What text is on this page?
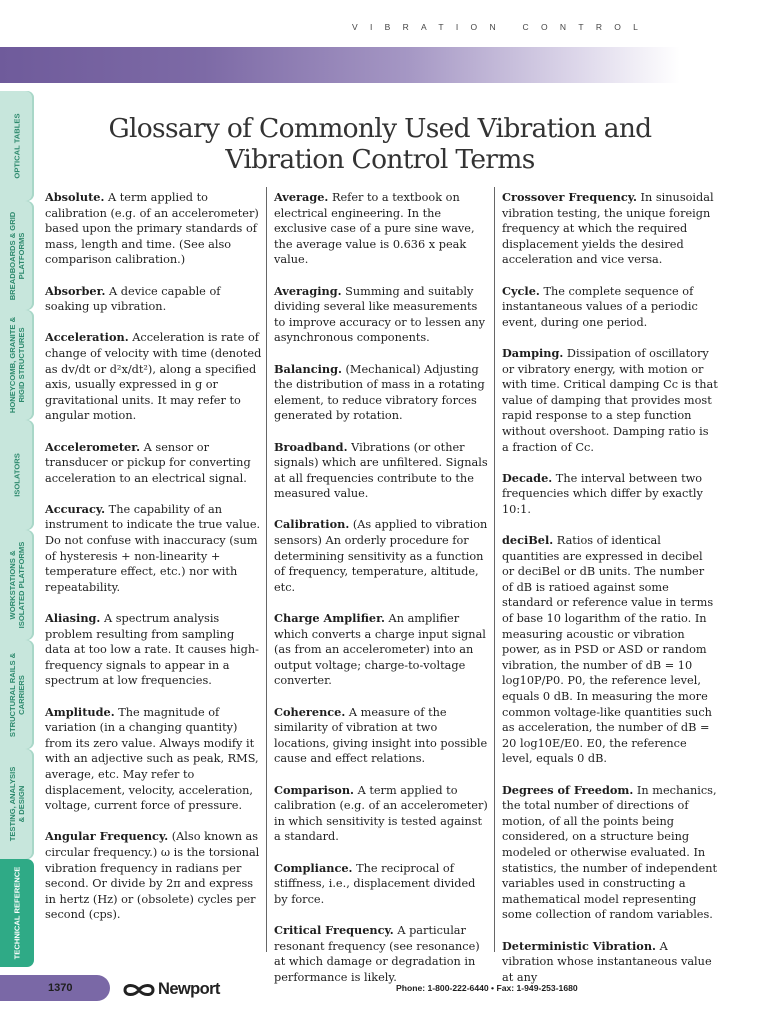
VIBRATION CONTROL
OPTICAL TABLES
BREADBOARDS & GRID
PLATFORMS
HONEYCOMB, GRANITE &
RIGID STRUCTURES
ISOLATORS
WORKSTATIONS &
ISOLATED PLATFORMS
STRUCTURAL RAILS &
CARRIERS
TESTING, ANALYSIS
& DESIGN
TECHNICAL REFERENCE
Glossary of Commonly Used Vibration and
Vibration Control Terms

Absolute. A term applied to calibration (e.g. of an accelerometer) based upon the primary standards of mass, length and time. (See also comparison calibration.)

Absorber. A device capable of soaking up vibration.

Acceleration. Acceleration is rate of change of velocity with time (denoted as dv/dt or d²x/dt²), along a specified axis, usually expressed in g or gravitational units. It may refer to angular motion.

Accelerometer. A sensor or transducer or pickup for converting acceleration to an electrical signal.

Accuracy. The capability of an instrument to indicate the true value. Do not confuse with inaccuracy (sum of hysteresis + non-linearity + temperature effect, etc.) nor with repeatability.

Aliasing. A spectrum analysis problem resulting from sampling data at too low a rate. It causes high-frequency signals to appear in a spectrum at low frequencies.

Amplitude. The magnitude of variation (in a changing quantity) from its zero value. Always modify it with an adjective such as peak, RMS, average, etc. May refer to displacement, velocity, acceleration, voltage, current force of pressure.

Angular Frequency. (Also known as circular frequency.) ω is the torsional vibration frequency in radians per second. Or divide by 2π and express in hertz (Hz) or (obsolete) cycles per second (cps).

Average. Refer to a textbook on electrical engineering. In the exclusive case of a pure sine wave, the average value is 0.636 x peak value.

Averaging. Summing and suitably dividing several like measurements to improve accuracy or to lessen any asynchronous components.

Balancing. (Mechanical) Adjusting the distribution of mass in a rotating element, to reduce vibratory forces generated by rotation.

Broadband. Vibrations (or other signals) which are unfiltered. Signals at all frequencies contribute to the measured value.

Calibration. (As applied to vibration sensors) An orderly procedure for determining sensitivity as a function of frequency, temperature, altitude, etc.

Charge Amplifier. An amplifier which converts a charge input signal (as from an accelerometer) into an output voltage; charge-to-voltage converter.

Coherence. A measure of the similarity of vibration at two locations, giving insight into possible cause and effect relations.

Comparison. A term applied to calibration (e.g. of an accelerometer) in which sensitivity is tested against a standard.

Compliance. The reciprocal of stiffness, i.e., displacement divided by force.

Critical Frequency. A particular resonant frequency (see resonance) at which damage or degradation in performance is likely.

Crossover Frequency. In sinusoidal vibration testing, the unique foreign frequency at which the required displacement yields the desired acceleration and vice versa.

Cycle. The complete sequence of instantaneous values of a periodic event, during one period.

Damping. Dissipation of oscillatory or vibratory energy, with motion or with time. Critical damping Cc is that value of damping that provides most rapid response to a step function without overshoot. Damping ratio is a fraction of Cc.

Decade. The interval between two frequencies which differ by exactly 10:1.

deciBel. Ratios of identical quantities are expressed in decibel or deciBel or dB units. The number of dB is ratioed against some standard or reference value in terms of base 10 logarithm of the ratio. In measuring acoustic or vibration power, as in PSD or ASD or random vibration, the number of dB = 10 log10P/P0. P0, the reference level, equals 0 dB. In measuring the more common voltage-like quantities such as acceleration, the number of dB = 20 log10E/E0. E0, the reference level, equals 0 dB.

Degrees of Freedom. In mechanics, the total number of directions of motion, of all the points being considered, on a structure being modeled or otherwise evaluated. In statistics, the number of independent variables used in constructing a mathematical model representing some collection of random variables.

Deterministic Vibration. A vibration whose instantaneous value at any

1370	Newport	Phone: 1-800-222-6440 • Fax: 1-949-253-1680
